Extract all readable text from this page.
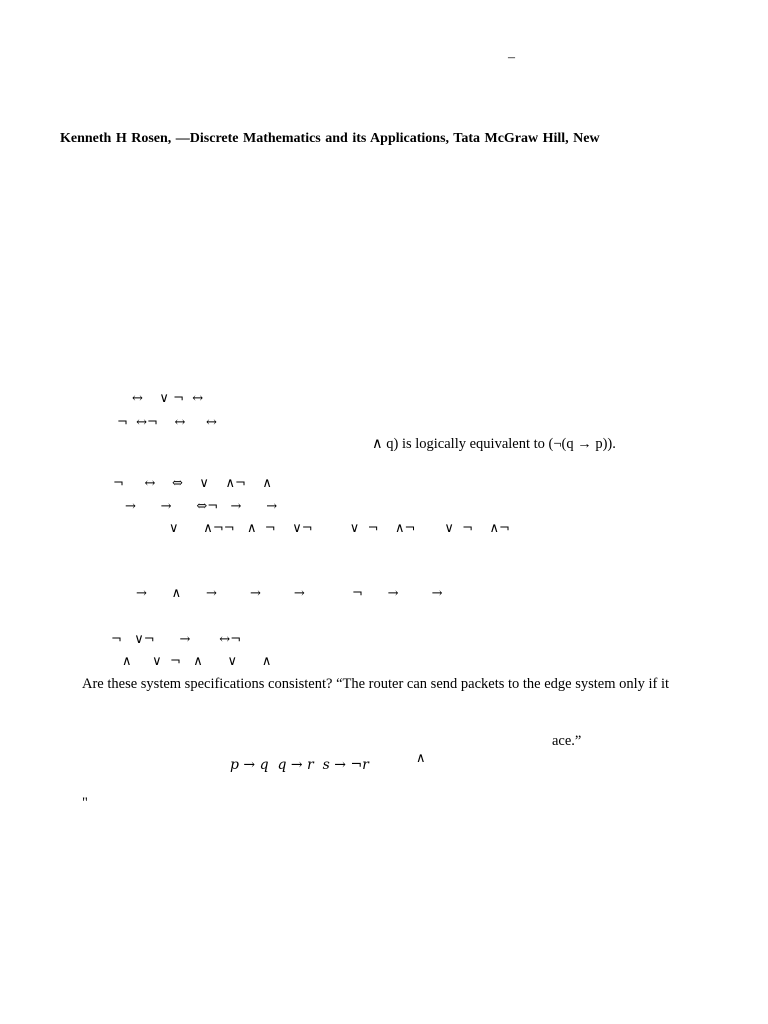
–
Kenneth H Rosen, —Discrete Mathematics and its Applications, Tata McGraw Hill, New
↔    ∨ ¬  ↔
¬  ↔¬    ↔     ↔
∧ q) is logically equivalent to (¬(q → p)).
¬     ↔    ⇔    ∨    ∧¬    ∧
→      →      ⇔¬   →      →
∨      ∧¬¬   ∧  ¬    ∨¬         ∨  ¬    ∧¬       ∨  ¬    ∧¬
→      ∧      →        →        →	¬      →        →
¬   ∨¬      →       ↔¬
∧     ∨  ¬   ∧      ∨      ∧
Are these system specifications consistent? “The router can send packets to the edge system only if it
ace.”
p → q  q → r  s → ¬r	∧
"
